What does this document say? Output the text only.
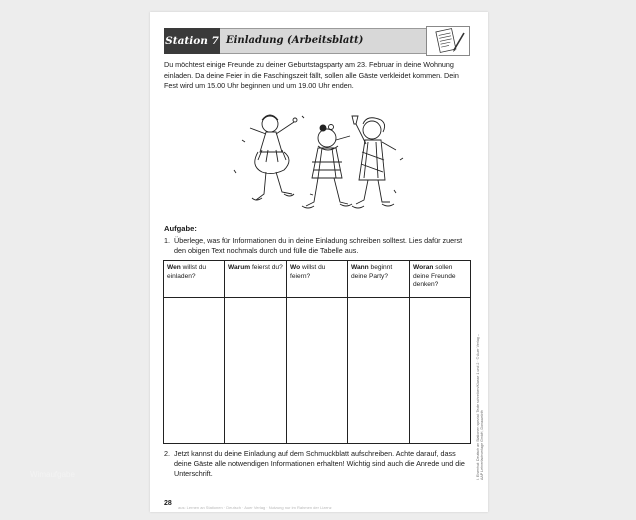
Station 7 Einladung (Arbeitsblatt)
Du möchtest einige Freunde zu deiner Geburtstagsparty am 23. Februar in deine Wohnung einladen. Da deine Feier in die Faschingszeit fällt, sollen alle Gäste verkleidet kommen. Dein Fest wird um 15.00 Uhr beginnen und um 19.00 Uhr enden.
Aufgabe:
1. Überlege, was für Informationen du in deine Einladung schreiben solltest. Lies dafür zuerst den obigen Text nochmals durch und fülle die Tabelle aus.
Wen willst du einladen?
Warum feierst du? Wo willst du feiern?
Wann beginnt deine Party?
Woran sollen deine Freunde denken?
2. Jetzt kannst du deine Einladung auf dem Schmuckblatt aufschreiben. Achte darauf, dass deine Gäste alle notwendigen Informationen erhalten! Wichtig sind auch die Anrede und die Unterschrift.
28
aus: Lernen an Stationen · Deutsch · Auer Verlag · Nutzung nur im Rahmen der Lizenz
I. Eisenhut: Deutsch an Stationen spezial: Texte schreiben/Klasse 1 und 2 · © Auer Verlag – AAP Lehrerfachverlage GmbH, Donauwörth
Wimaufgabe
